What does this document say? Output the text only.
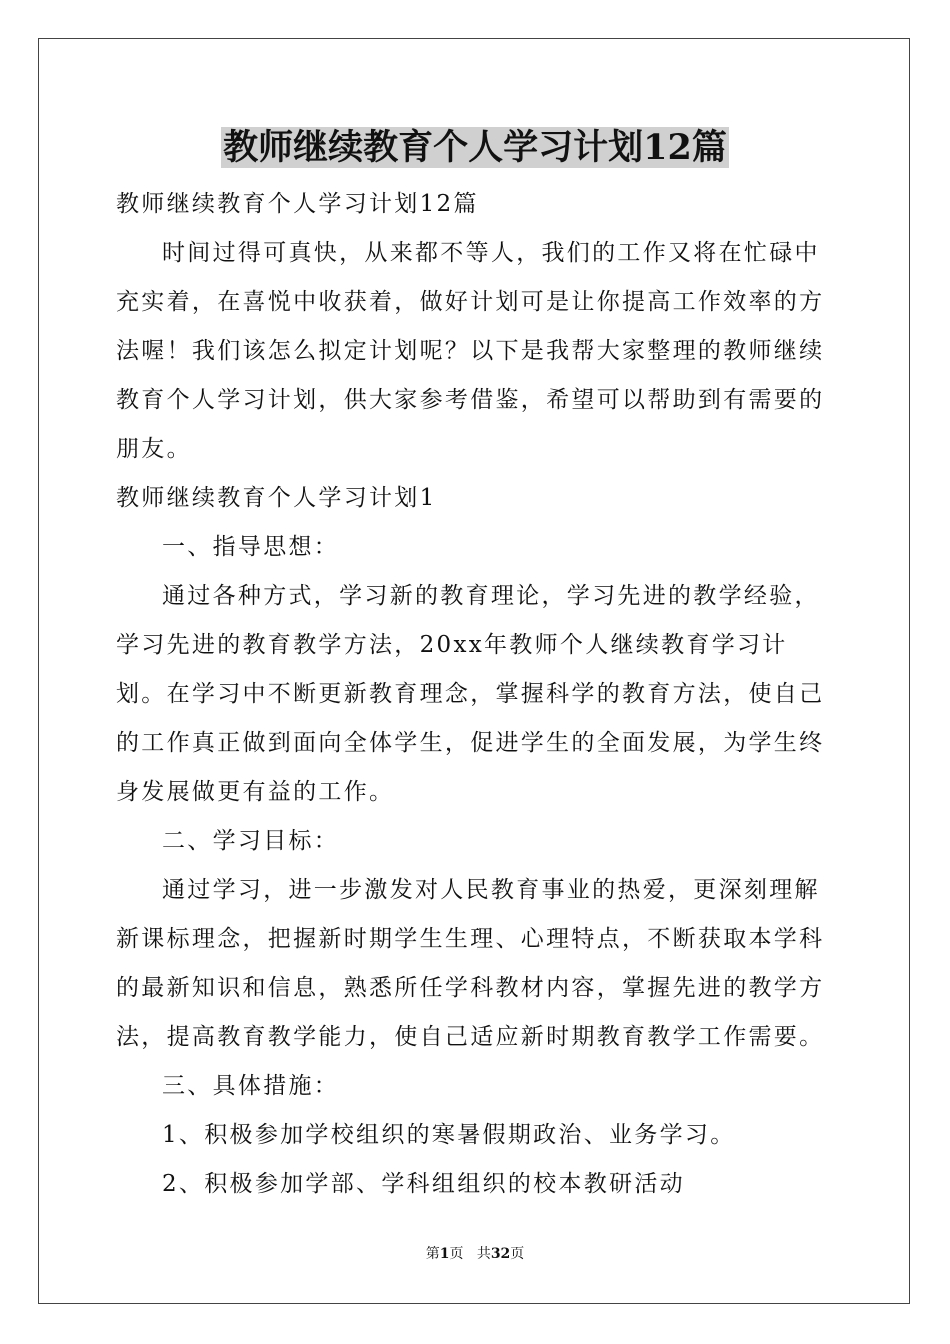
教师继续教育个人学习计划12篇

教师继续教育个人学习计划12篇

时间过得可真快，从来都不等人，我们的工作又将在忙碌中充实着，在喜悦中收获着，做好计划可是让你提高工作效率的方法喔！我们该怎么拟定计划呢？以下是我帮大家整理的教师继续教育个人学习计划，供大家参考借鉴，希望可以帮助到有需要的朋友。

教师继续教育个人学习计划1

一、指导思想：

通过各种方式，学习新的教育理论，学习先进的教学经验，学习先进的教育教学方法，20xx年教师个人继续教育学习计划。在学习中不断更新教育理念，掌握科学的教育方法，使自己的工作真正做到面向全体学生，促进学生的全面发展，为学生终身发展做更有益的工作。

二、学习目标：

通过学习，进一步激发对人民教育事业的热爱，更深刻理解新课标理念，把握新时期学生生理、心理特点，不断获取本学科的最新知识和信息，熟悉所任学科教材内容，掌握先进的教学方法，提高教育教学能力，使自己适应新时期教育教学工作需要。

三、具体措施：

1、积极参加学校组织的寒暑假期政治、业务学习。

2、积极参加学部、学科组组织的校本教研活动

第1页 共32页
